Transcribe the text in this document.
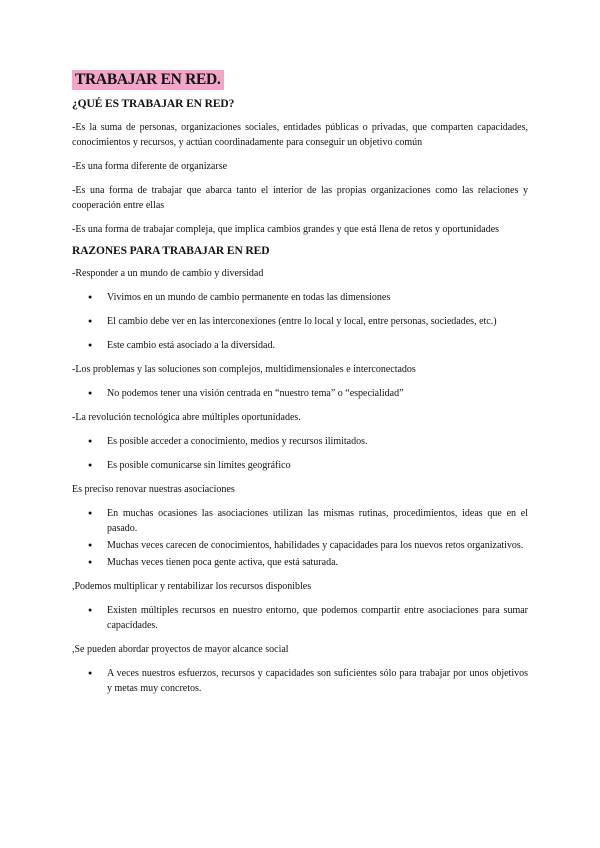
TRABAJAR EN RED.
¿QUÉ ES TRABAJAR EN RED?
-Es la suma de personas, organizaciones sociales, entidades públicas o privadas, que comparten capacidades, conocimientos y recursos, y actúan coordinadamente para conseguir un objetivo común
-Es una forma diferente de organizarse
-Es una forma de trabajar que abarca tanto el interior de las propias organizaciones como las relaciones y cooperación entre ellas
-Es una forma de trabajar compleja, que implica cambios grandes y que está llena de retos y oportunidades
RAZONES PARA TRABAJAR EN RED
-Responder a un mundo de cambio y diversidad
● Vivimos en un mundo de cambio permanente en todas las dimensiones
● El cambio debe ver en las interconexiones (entre lo local y local, entre personas, sociedades, etc.)
● Este cambio está asociado a la diversidad.
-Los problemas y las soluciones son complejos, multidimensionales e interconectados
● No podemos tener una visión centrada en “nuestro tema” o “especialidad”
-La revolución tecnológica abre múltiples oportunidades.
● Es posible acceder a conocimiento, medios y recursos ilimitados.
● Es posible comunicarse sin límites geográfico
Es preciso renovar nuestras asociaciones
● En muchas ocasiones las asociaciones utilizan las mismas rutinas, procedimientos, ideas que en el pasado.
● Muchas veces carecen de conocimientos, habilidades y capacidades para los nuevos retos organizativos.
● Muchas veces tienen poca gente activa, que está saturada.
,Podemos multiplicar y rentabilizar los recursos disponibles
● Existen múltiples recursos en nuestro entorno, que podemos compartir entre asociaciones para sumar capacidades.
,Se pueden abordar proyectos de mayor alcance social
● A veces nuestros esfuerzos, recursos y capacidades son suficientes sólo para trabajar por unos objetivos y metas muy concretos.
